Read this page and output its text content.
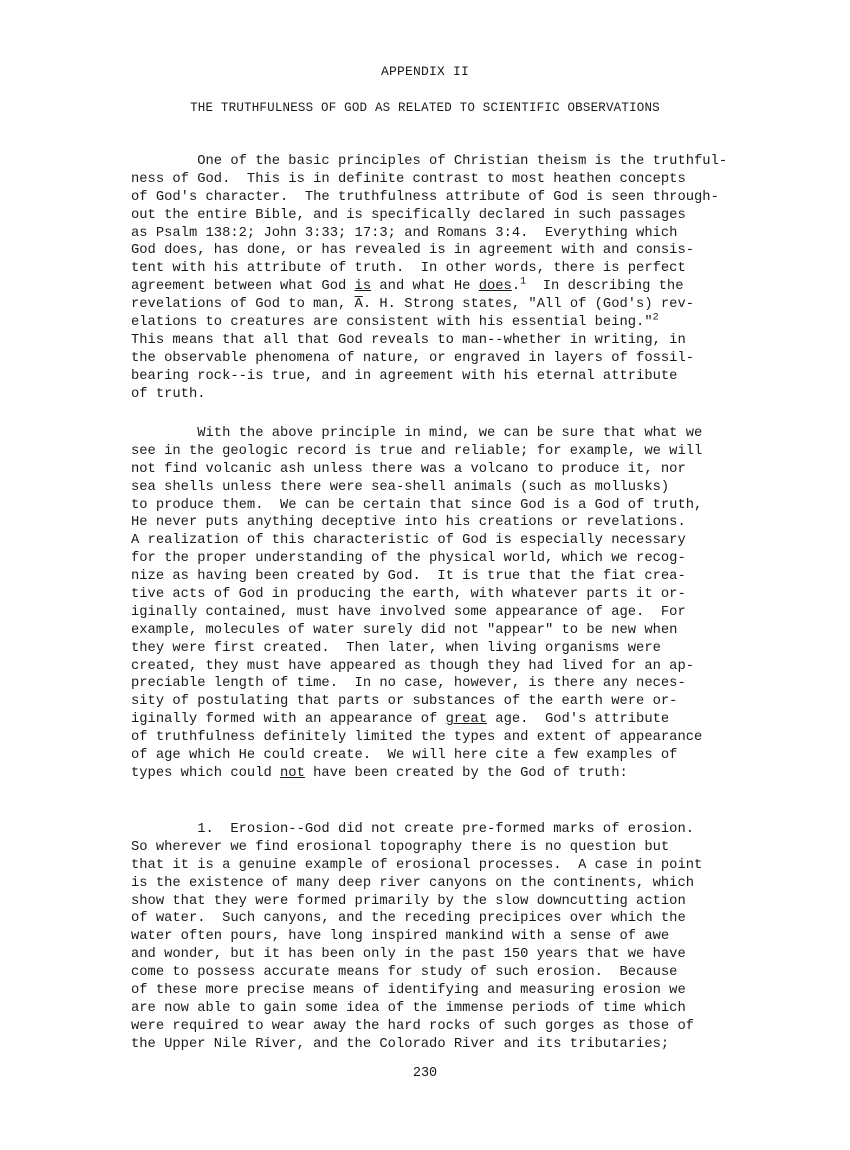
APPENDIX II
THE TRUTHFULNESS OF GOD AS RELATED TO SCIENTIFIC OBSERVATIONS
One of the basic principles of Christian theism is the truthful-
ness of God.  This is in definite contrast to most heathen concepts
of God's character.  The truthfulness attribute of God is seen through-
out the entire Bible, and is specifically declared in such passages
as Psalm 138:2; John 3:33; 17:3; and Romans 3:4.  Everything which
God does, has done, or has revealed is in agreement with and consis-
tent with his attribute of truth.  In other words, there is perfect
agreement between what God is and what He does.$^1$  In describing the
revelations of God to man, $\overline{A}$. H. Strong states, "All of (God's) rev-
elations to creatures are consistent with his essential being."$^2$
This means that all that God reveals to man--whether in writing, in
the observable phenomena of nature, or engraved in layers of fossil-
bearing rock--is true, and in agreement with his eternal attribute
of truth.
With the above principle in mind, we can be sure that what we
see in the geologic record is true and reliable; for example, we will
not find volcanic ash unless there was a volcano to produce it, nor
sea shells unless there were sea-shell animals (such as mollusks)
to produce them.  We can be certain that since God is a God of truth,
He never puts anything deceptive into his creations or revelations.
A realization of this characteristic of God is especially necessary
for the proper understanding of the physical world, which we recog-
nize as having been created by God.  It is true that the fiat crea-
tive acts of God in producing the earth, with whatever parts it or-
iginally contained, must have involved some appearance of age.  For
example, molecules of water surely did not "appear" to be new when
they were first created.  Then later, when living organisms were
created, they must have appeared as though they had lived for an ap-
preciable length of time.  In no case, however, is there any neces-
sity of postulating that parts or substances of the earth were or-
iginally formed with an appearance of great age.  God's attribute
of truthfulness definitely limited the types and extent of appearance
of age which He could create.  We will here cite a few examples of
types which could not have been created by the God of truth:
1.  Erosion--God did not create pre-formed marks of erosion.
So wherever we find erosional topography there is no question but
that it is a genuine example of erosional processes.  A case in point
is the existence of many deep river canyons on the continents, which
show that they were formed primarily by the slow downcutting action
of water.  Such canyons, and the receding precipices over which the
water often pours, have long inspired mankind with a sense of awe
and wonder, but it has been only in the past 150 years that we have
come to possess accurate means for study of such erosion.  Because
of these more precise means of identifying and measuring erosion we
are now able to gain some idea of the immense periods of time which
were required to wear away the hard rocks of such gorges as those of
the Upper Nile River, and the Colorado River and its tributaries;
230
